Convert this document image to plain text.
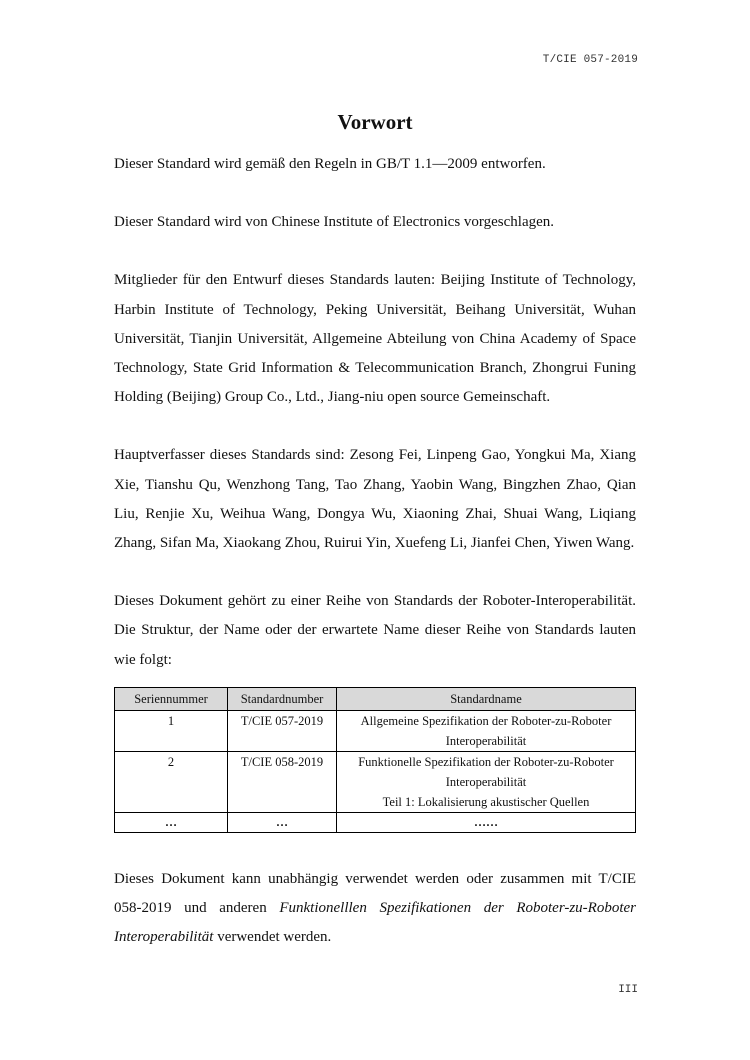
T/CIE 057-2019
Vorwort

Dieser Standard wird gemäß den Regeln in GB/T 1.1—2009 entworfen.

Dieser Standard wird von Chinese Institute of Electronics vorgeschlagen.

Mitglieder für den Entwurf dieses Standards lauten: Beijing Institute of Technology, Harbin Institute of Technology, Peking Universität, Beihang Universität, Wuhan Universität, Tianjin Universität, Allgemeine Abteilung von China Academy of Space Technology, State Grid Information & Telecommunication Branch, Zhongrui Funing Holding (Beijing) Group Co., Ltd., Jiang-niu open source Gemeinschaft.

Hauptverfasser dieses Standards sind: Zesong Fei, Linpeng Gao, Yongkui Ma, Xiang Xie, Tianshu Qu, Wenzhong Tang, Tao Zhang, Yaobin Wang, Bingzhen Zhao, Qian Liu, Renjie Xu, Weihua Wang, Dongya Wu, Xiaoning Zhai, Shuai Wang, Liqiang Zhang, Sifan Ma, Xiaokang Zhou, Ruirui Yin, Xuefeng Li, Jianfei Chen, Yiwen Wang.

Dieses Dokument gehört zu einer Reihe von Standards der Roboter-Interoperabilität. Die Struktur, der Name oder der erwartete Name dieser Reihe von Standards lauten wie folgt:

Seriennummer	Standardnumber	Standardname
1	T/CIE 057-2019	Allgemeine Spezifikation der Roboter-zu-Roboter
Interoperabilität

2	T/CIE 058-2019	Funktionelle Spezifikation der Roboter-zu-Roboter
Interoperabilität
Teil 1: Lokalisierung akustischer Quellen

…	…	……

Dieses Dokument kann unabhängig verwendet werden oder zusammen mit T/CIE 058-2019 und anderen Funktionelllen Spezifikationen der Roboter-zu-Roboter Interoperabilität verwendet werden.

III
